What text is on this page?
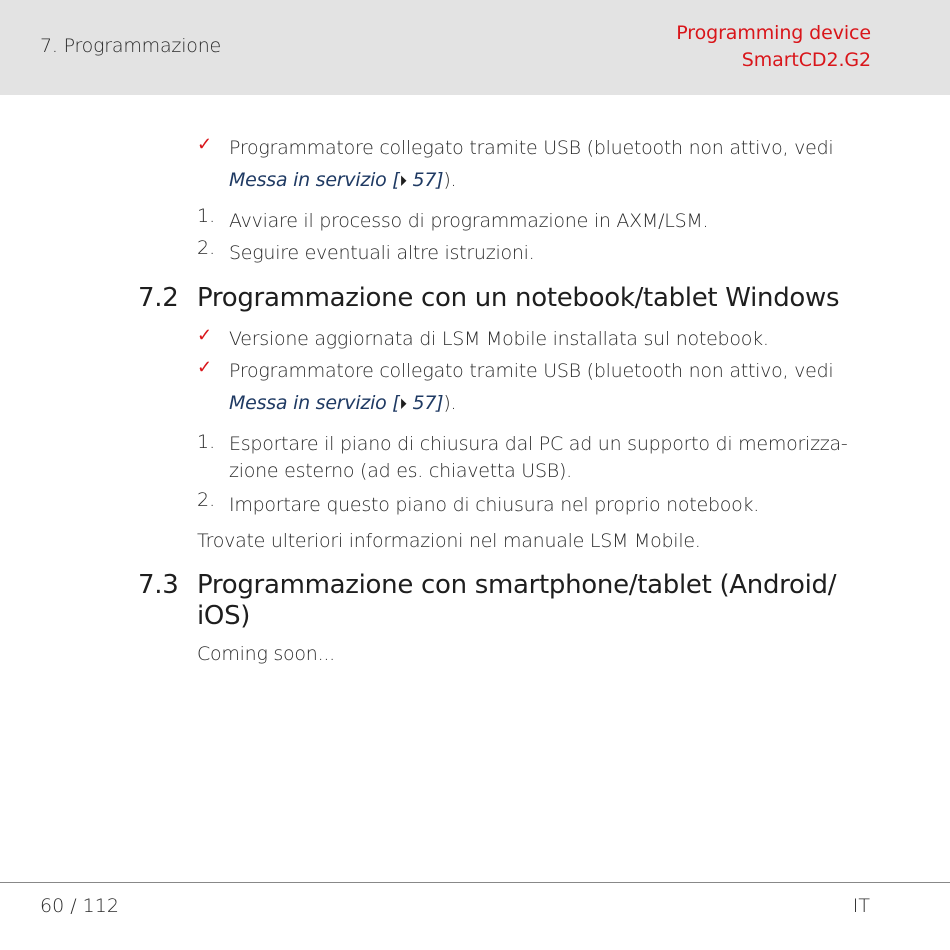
7. Programmazione
Programming device
SmartCD2.G2
✓ Programmatore collegato tramite USB (bluetooth non attivo, vedi
Messa in servizio [⏵ 57]).
1. Avviare il processo di programmazione in AXM/LSM.
2. Seguire eventuali altre istruzioni.
7.2 Programmazione con un notebook/tablet Windows
✓ Versione aggiornata di LSM Mobile installata sul notebook.
✓ Programmatore collegato tramite USB (bluetooth non attivo, vedi
Messa in servizio [⏵ 57]).
1. Esportare il piano di chiusura dal PC ad un supporto di memorizza-
zione esterno (ad es. chiavetta USB).
2. Importare questo piano di chiusura nel proprio notebook.
Trovate ulteriori informazioni nel manuale LSM Mobile.
7.3 Programmazione con smartphone/tablet (Android/
iOS)
Coming soon...
60 / 112	IT
